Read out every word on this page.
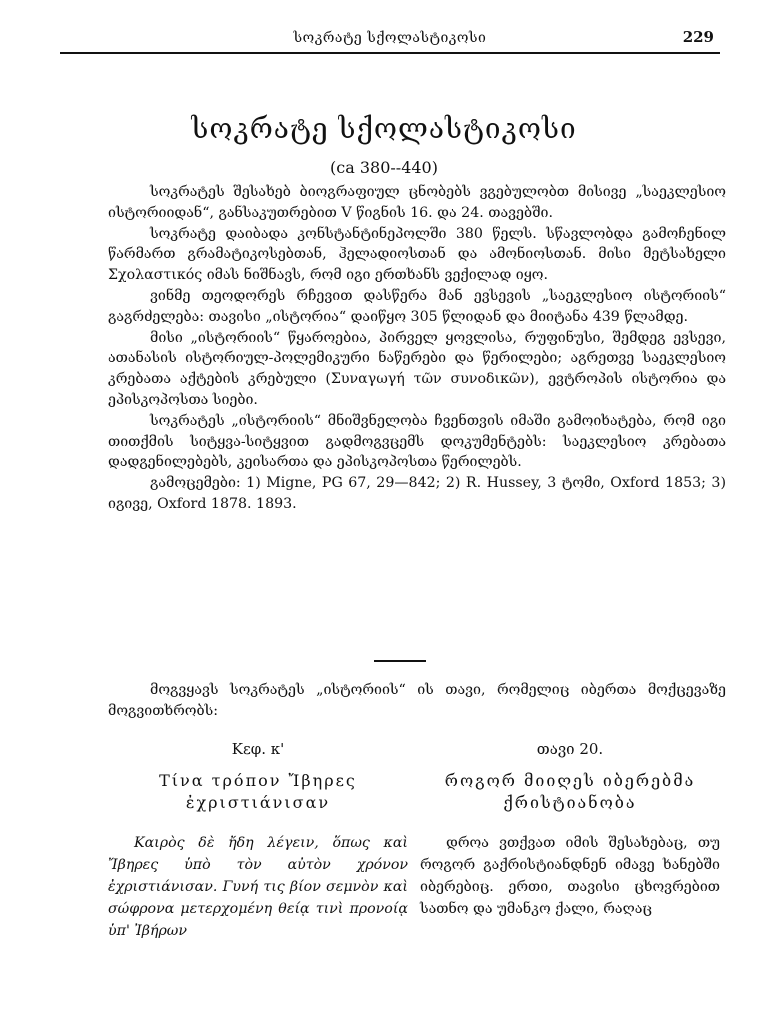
სოკრატე სქოლასტიკოსი	229
სოკრატე სქოლასტიკოსი
(ca 380--440)

სოკრატეს შესახებ ბიოგრაფიულ ცნობებს ვგებულობთ მისივე „საეკლესიო ისტორიიდან“, განსაკუთრებით V წიგნის 16. და 24. თავებში.

სოკრატე დაიბადა კონსტანტინეპოლში 380 წელს. სწავლობდა გამოჩენილ წარმართ გრამატიკოსებთან, ჰელადიოსთან და ამონიოსთან. მისი მეტსახელი Σχολαστικός იმას ნიშნავს, რომ იგი ერთხანს ვექილად იყო.

ვინმე თეოდორეს რჩევით დასწერა მან ევსევის „საეკლესიო ისტორიის“ გაგრძელება: თავისი „ისტორია“ დაიწყო 305 წლიდან და მიიტანა 439 წლამდე.

მისი „ისტორიის“ წყაროებია, პირველ ყოვლისა, რუფინუსი, შემდეგ ევსევი, ათანასის ისტორიულ-პოლემიკური ნაწერები და წერილები; აგრეთვე საეკლესიო კრებათა აქტების კრებული (Συναγωγή τῶν συνοδικῶν), ევტროპის ისტორია და ეპისკოპოსთა სიები.

სოკრატეს „ისტორიის“ მნიშვნელობა ჩვენთვის იმაში გამოიხატება, რომ იგი თითქმის სიტყვა-სიტყვით გადმოგვცემს დოკუმენტებს: საეკლესიო კრებათა დადგენილებებს, კეისართა და ეპისკოპოსთა წერილებს.

გამოცემები: 1) Migne, PG 67, 29—842; 2) R. Hussey, 3 ტომი, Oxford 1853; 3) იგივე, Oxford 1878. 1893.

მოგვყავს სოკრატეს „ისტორიის“ ის თავი, რომელიც იბერთა მოქცევაზე მოგვითხრობს:

Κεφ. κ'
Τίνα τρόπον Ἴβηρες ἐχριστιάνισαν

Καιρὸς δὲ ἤδη λέγειν, ὅπως καὶ Ἴβηρες ὑπὸ τὸν αὐτὸν χρόνον ἐχριστιάνισαν. Γυνή τις βίον σεμνὸν καὶ σώφρονα μετερχομένη θείᾳ τινὶ προνοίᾳ ὑπ' Ἰβήρων

თავი 20.
როგორ მიიღეს იბერებმა ქრისტიანობა

დროა ვთქვათ იმის შესახებაც, თუ როგორ გაქრისტიანდნენ იმავე ხანებში იბერებიც. ერთი, თავისი ცხოვრებით სათნო და უმანკო ქალი, რაღაც
